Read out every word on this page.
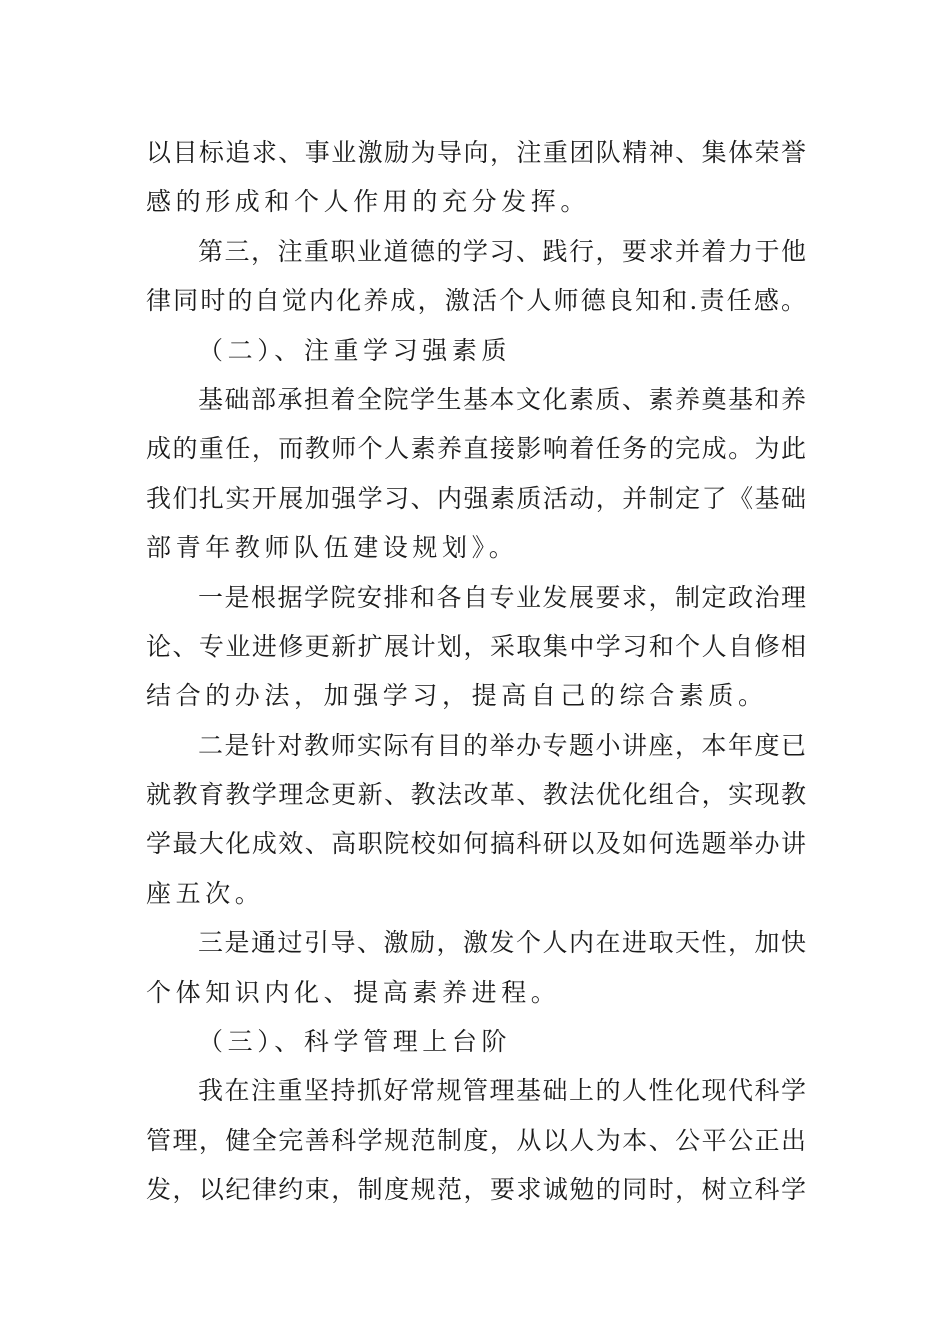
以目标追求、事业激励为导向，注重团队精神、集体荣誉
感的形成和个人作用的充分发挥。
第三，注重职业道德的学习、践行，要求并着力于他
律同时的自觉内化养成，激活个人师德良知和.责任感。
（二）、注重学习强素质
基础部承担着全院学生基本文化素质、素养奠基和养
成的重任，而教师个人素养直接影响着任务的完成。为此
我们扎实开展加强学习、内强素质活动，并制定了《基础
部青年教师队伍建设规划》。
一是根据学院安排和各自专业发展要求，制定政治理
论、专业进修更新扩展计划，采取集中学习和个人自修相
结合的办法，加强学习，提高自己的综合素质。
二是针对教师实际有目的举办专题小讲座，本年度已
就教育教学理念更新、教法改革、教法优化组合，实现教
学最大化成效、高职院校如何搞科研以及如何选题举办讲
座五次。
三是通过引导、激励，激发个人内在进取天性，加快
个体知识内化、提高素养进程。
（三）、科学管理上台阶
我在注重坚持抓好常规管理基础上的人性化现代科学
管理，健全完善科学规范制度，从以人为本、公平公正出
发，以纪律约束，制度规范，要求诚勉的同时，树立科学
